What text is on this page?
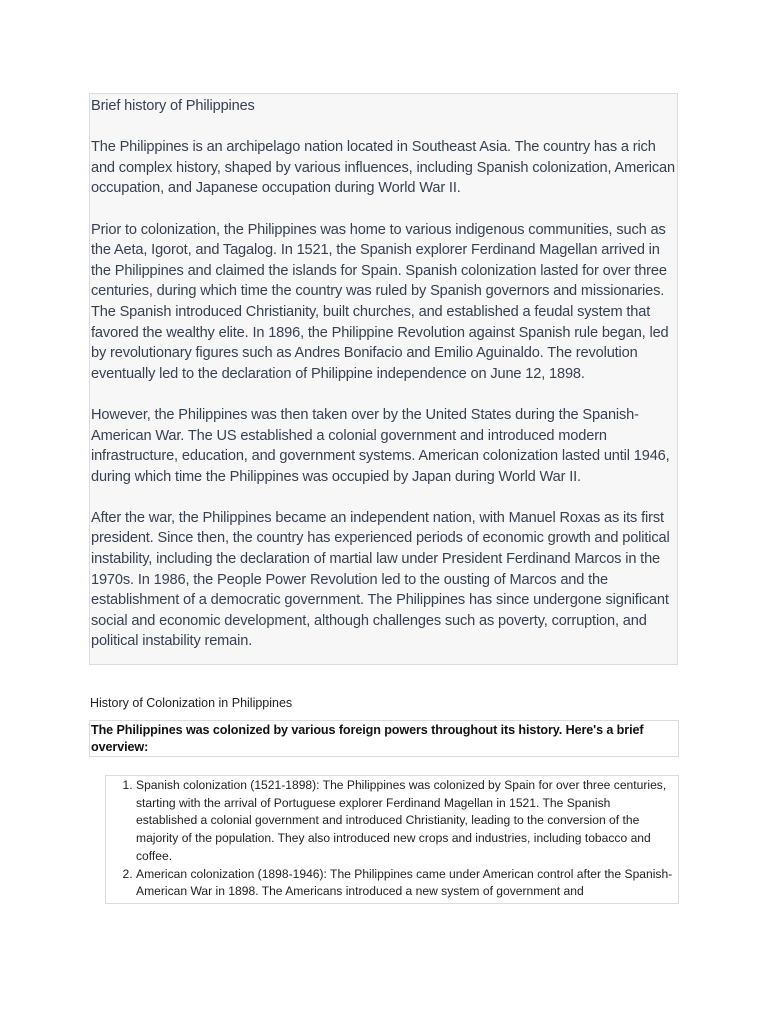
Brief history of Philippines

The Philippines is an archipelago nation located in Southeast Asia. The country has a rich and complex history, shaped by various influences, including Spanish colonization, American occupation, and Japanese occupation during World War II.

Prior to colonization, the Philippines was home to various indigenous communities, such as the Aeta, Igorot, and Tagalog. In 1521, the Spanish explorer Ferdinand Magellan arrived in the Philippines and claimed the islands for Spain. Spanish colonization lasted for over three centuries, during which time the country was ruled by Spanish governors and missionaries. The Spanish introduced Christianity, built churches, and established a feudal system that favored the wealthy elite. In 1896, the Philippine Revolution against Spanish rule began, led by revolutionary figures such as Andres Bonifacio and Emilio Aguinaldo. The revolution eventually led to the declaration of Philippine independence on June 12, 1898.

However, the Philippines was then taken over by the United States during the Spanish-American War. The US established a colonial government and introduced modern infrastructure, education, and government systems. American colonization lasted until 1946, during which time the Philippines was occupied by Japan during World War II.

After the war, the Philippines became an independent nation, with Manuel Roxas as its first president. Since then, the country has experienced periods of economic growth and political instability, including the declaration of martial law under President Ferdinand Marcos in the 1970s. In 1986, the People Power Revolution led to the ousting of Marcos and the establishment of a democratic government. The Philippines has since undergone significant social and economic development, although challenges such as poverty, corruption, and political instability remain.

History of Colonization in Philippines
The Philippines was colonized by various foreign powers throughout its history. Here's a brief overview:
1. Spanish colonization (1521-1898): The Philippines was colonized by Spain for over three centuries, starting with the arrival of Portuguese explorer Ferdinand Magellan in 1521. The Spanish established a colonial government and introduced Christianity, leading to the conversion of the majority of the population. They also introduced new crops and industries, including tobacco and coffee.
2. American colonization (1898-1946): The Philippines came under American control after the Spanish-American War in 1898. The Americans introduced a new system of government and
